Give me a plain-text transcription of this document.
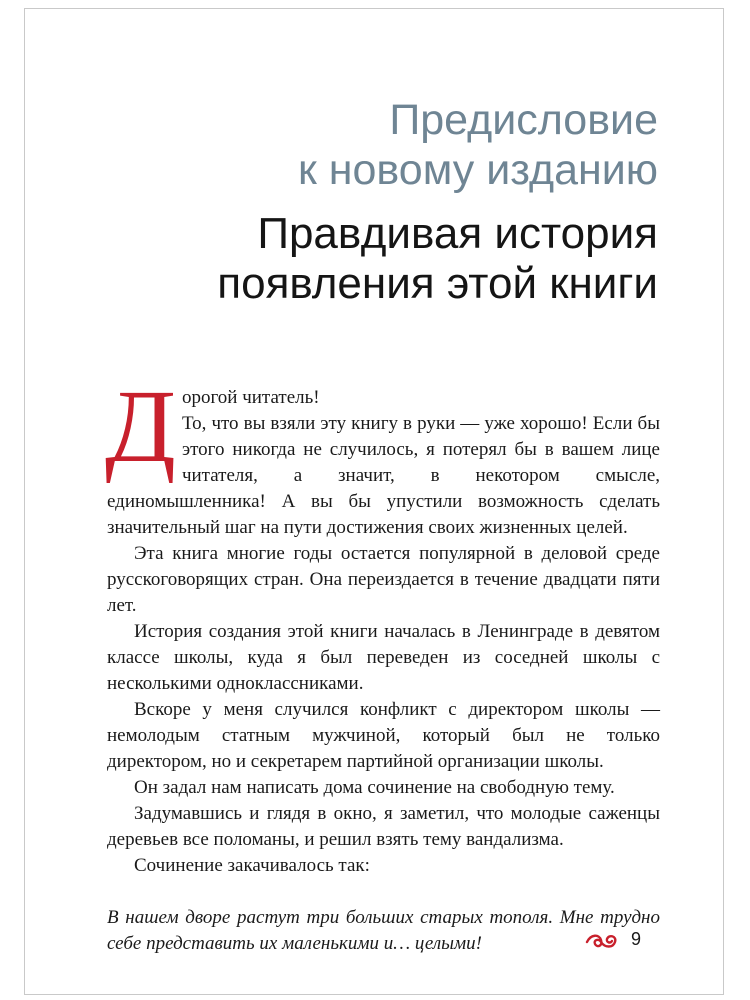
Предисловие
к новому изданию
Правдивая история
появления этой книги

Дорогой читатель!
То, что вы взяли эту книгу в руки — уже хорошо! Если бы этого никогда не случилось, я потерял бы в вашем лице читателя, а значит, в некотором смысле, единомышленника! А вы бы упустили возможность сделать значительный шаг на пути достижения своих жизненных целей.

Эта книга многие годы остается популярной в деловой среде русскоговорящих стран. Она переиздается в течение двадцати пяти лет.

История создания этой книги началась в Ленинграде в девятом классе школы, куда я был переведен из соседней школы с несколькими одноклассниками.

Вскоре у меня случился конфликт с директором школы — немолодым статным мужчиной, который был не только директором, но и секретарем партийной организации школы.

Он задал нам написать дома сочинение на свободную тему.

Задумавшись и глядя в окно, я заметил, что молодые саженцы деревьев все поломаны, и решил взять тему вандализма.

Сочинение закачивалось так:

В нашем дворе растут три больших старых тополя. Мне трудно себе представить их маленькими и… целыми!	9
